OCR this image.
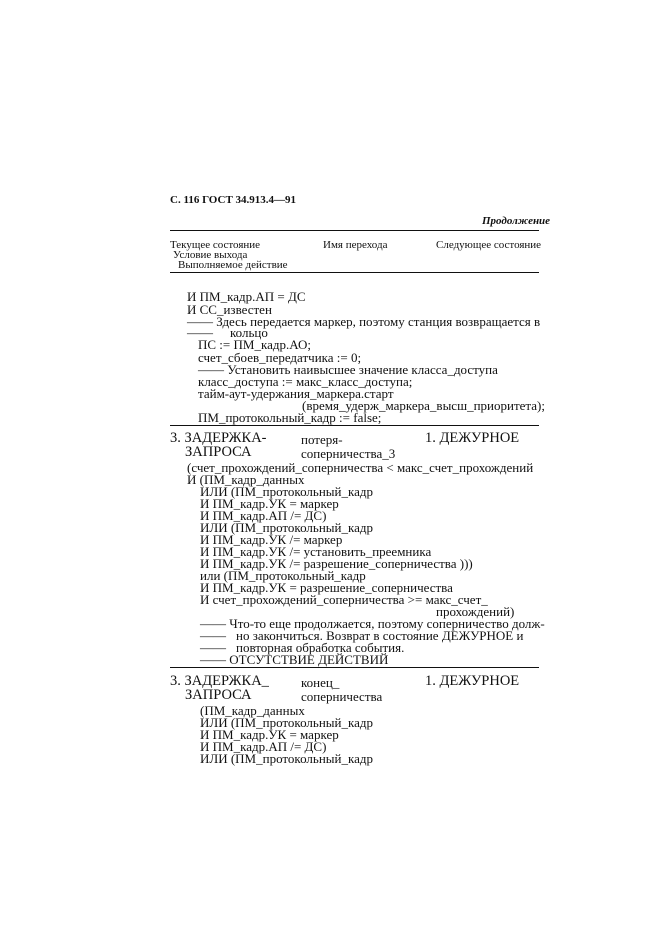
С. 116 ГОСТ 34.913.4—91
Продолжение
Текущее состояние
Условие выхода
Выполняемое действие
Имя перехода	Следующее состояние
И ПМ_кадр.АП = ДС
И СС_известен
—— Здесь передается маркер, поэтому станция возвращается в
—— кольцо
ПС := ПМ_кадр.АО;
счет_сбоев_передатчика := 0;
—— Установить наивысшее значение класса_доступа
класс_доступа := макс_класс_доступа;
тайм-аут-удержания_маркера.старт
(время_удерж_маркера_высш_приоритета);
ПМ_протокольный_кадр := false;
3. ЗАДЕРЖКА-
ЗАПРОСА
потеря-
соперничества_3
1. ДЕЖУРНОЕ
(счет_прохождений_соперничества < макс_счет_прохождений
И (ПМ_кадр_данных
ИЛИ (ПМ_протокольный_кадр
И ПМ_кадр.УК = маркер
И ПМ_кадр.АП /= ДС)
ИЛИ (ПМ_протокольный_кадр
И ПМ_кадр.УК /= маркер
И ПМ_кадр.УК /= установить_преемника
И ПМ_кадр.УК /= разрешение_соперничества )))
или (ПМ_протокольный_кадр
И ПМ_кадр.УК = разрешение_соперничества
И счет_прохождений_соперничества >= макс_счет_
прохождений)
—— Что-то еще продолжается, поэтому соперничество долж-
—— но закончиться. Возврат в состояние ДЕЖУРНОЕ и
—— повторная обработка события.
—— ОТСУТСТВИЕ ДЕЙСТВИЙ
3. ЗАДЕРЖКА_
ЗАПРОСА
конец_
соперничества
1. ДЕЖУРНОЕ
(ПМ_кадр_данных
ИЛИ (ПМ_протокольный_кадр
И ПМ_кадр.УК = маркер
И ПМ_кадр.АП /= ДС)
ИЛИ (ПМ_протокольный_кадр
